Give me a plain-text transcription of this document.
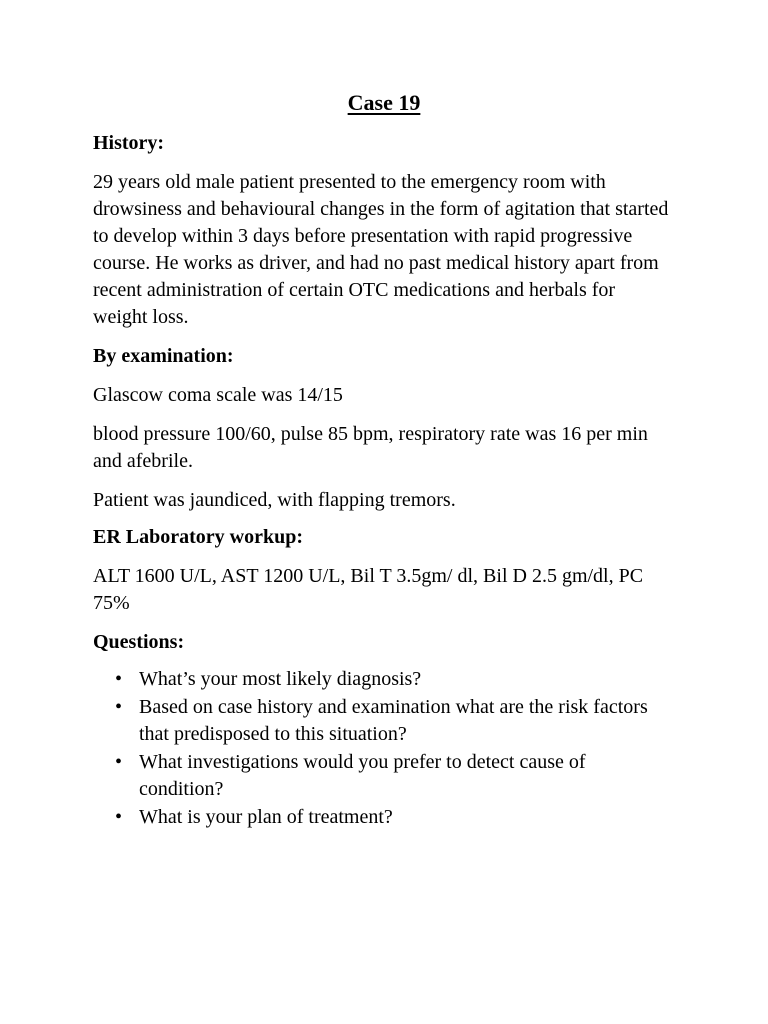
Case 19

History:

29 years old male patient presented to the emergency room with drowsiness and behavioural changes in the form of agitation that started to develop within 3 days before presentation with rapid progressive course. He works as driver, and had no past medical history apart from recent administration of certain OTC medications and herbals for weight loss.

By examination:

Glascow coma scale was 14/15

blood pressure 100/60, pulse 85 bpm, respiratory rate was 16 per min and afebrile.

Patient was jaundiced, with flapping tremors.

ER Laboratory workup:

ALT 1600 U/L, AST 1200 U/L, Bil T 3.5gm/ dl, Bil D 2.5 gm/dl, PC 75%

Questions:

• What’s your most likely diagnosis?
• Based on case history and examination what are the risk factors that predisposed to this situation?
• What investigations would you prefer to detect cause of condition?
• What is your plan of treatment?
